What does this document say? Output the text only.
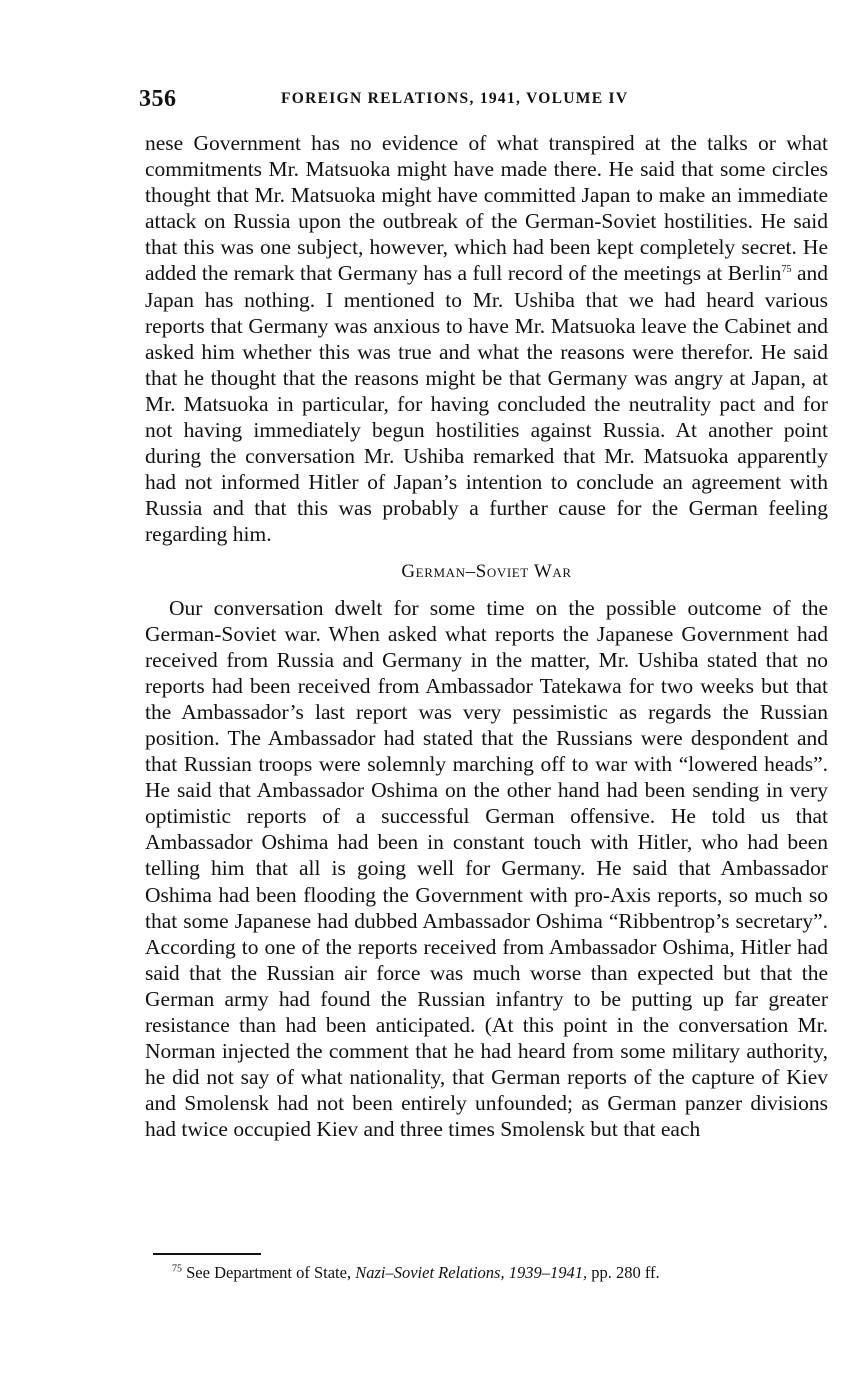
356	FOREIGN RELATIONS, 1941, VOLUME IV

nese Government has no evidence of what transpired at the talks or what commitments Mr. Matsuoka might have made there. He said that some circles thought that Mr. Matsuoka might have committed Japan to make an immediate attack on Russia upon the outbreak of the German-Soviet hostilities. He said that this was one subject, however, which had been kept completely secret. He added the remark that Germany has a full record of the meetings at Berlin$^{75}$ and Japan has nothing. I mentioned to Mr. Ushiba that we had heard various reports that Germany was anxious to have Mr. Matsuoka leave the Cabinet and asked him whether this was true and what the reasons were therefor. He said that he thought that the reasons might be that Germany was angry at Japan, at Mr. Matsuoka in particular, for having concluded the neutrality pact and for not having immediately begun hostilities against Russia. At another point during the conversation Mr. Ushiba remarked that Mr. Matsuoka apparently had not informed Hitler of Japan’s intention to conclude an agreement with Russia and that this was probably a further cause for the German feeling regarding him.

German–Soviet War

Our conversation dwelt for some time on the possible outcome of the German-Soviet war. When asked what reports the Japanese Government had received from Russia and Germany in the matter, Mr. Ushiba stated that no reports had been received from Ambassador Tatekawa for two weeks but that the Ambassador’s last report was very pessimistic as regards the Russian position. The Ambassador had stated that the Russians were despondent and that Russian troops were solemnly marching off to war with “lowered heads”. He said that Ambassador Oshima on the other hand had been sending in very optimistic reports of a successful German offensive. He told us that Ambassador Oshima had been in constant touch with Hitler, who had been telling him that all is going well for Germany. He said that Ambassador Oshima had been flooding the Government with pro-Axis reports, so much so that some Japanese had dubbed Ambassador Oshima “Ribbentrop’s secretary”. According to one of the reports received from Ambassador Oshima, Hitler had said that the Russian air force was much worse than expected but that the German army had found the Russian infantry to be putting up far greater resistance than had been anticipated. (At this point in the conversation Mr. Norman injected the comment that he had heard from some military authority, he did not say of what nationality, that German reports of the capture of Kiev and Smolensk had not been entirely unfounded; as German panzer divisions had twice occupied Kiev and three times Smolensk but that each

$^{75}$ See Department of State, Nazi–Soviet Relations, 1939–1941, pp. 280 ff.
